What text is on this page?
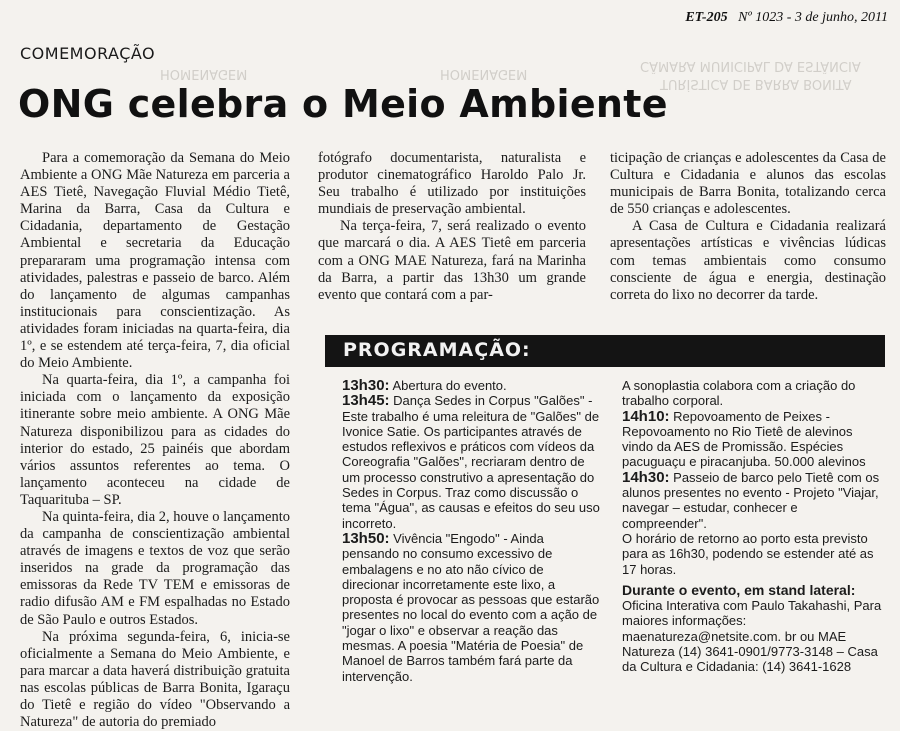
HOMENAGEM	HOMENAGEM
CÂMARA MUNICIPAL DA ESTÂNCIA
TURÍSTICA DE BARRA BONITA
ET-205 Nº 1023 - 3 de junho, 2011
COMEMORAÇÃO
ONG celebra o Meio Ambiente

Para a comemoração da Semana do Meio Ambiente a ONG Mãe Natureza em parceria a AES Tietê, Navegação Fluvial Médio Tietê, Marina da Barra, Casa da Cultura e Cidadania, departamento de Gestação Ambiental e secretaria da Educação prepararam uma programação intensa com atividades, palestras e passeio de barco. Além do lançamento de algumas campanhas institucionais para conscientização. As atividades foram iniciadas na quarta-feira, dia 1º, e se estendem até terça-feira, 7, dia oficial do Meio Ambiente.

Na quarta-feira, dia 1º, a campanha foi iniciada com o lançamento da exposição itinerante sobre meio ambiente. A ONG Mãe Natureza disponibilizou para as cidades do interior do estado, 25 painéis que abordam vários assuntos referentes ao tema. O lançamento aconteceu na cidade de Taquarituba – SP.

Na quinta-feira, dia 2, houve o lançamento da campanha de conscientização ambiental através de imagens e textos de voz que serão inseridos na grade da programação das emissoras da Rede TV TEM e emissoras de radio difusão AM e FM espalhadas no Estado de São Paulo e outros Estados.

Na próxima segunda-feira, 6, inicia-se oficialmente a Semana do Meio Ambiente, e para marcar a data haverá distribuição gratuita nas escolas públicas de Barra Bonita, Igaraçu do Tietê e região do vídeo "Observando a Natureza" de autoria do premiado

fotógrafo documentarista, naturalista e produtor cinematográfico Haroldo Palo Jr. Seu trabalho é utilizado por instituições mundiais de preservação ambiental.

Na terça-feira, 7, será realizado o evento que marcará o dia. A AES Tietê em parceria com a ONG MAE Natureza, fará na Marinha da Barra, a partir das 13h30 um grande evento que contará com a par-

ticipação de crianças e adolescentes da Casa de Cultura e Cidadania e alunos das escolas municipais de Barra Bonita, totalizando cerca de 550 crianças e adolescentes.

A Casa de Cultura e Cidadania realizará apresentações artísticas e vivências lúdicas com temas ambientais como consumo consciente de água e energia, destinação correta do lixo no decorrer da tarde.

PROGRAMAÇÃO:

13h30: Abertura do evento.

13h45: Dança Sedes in Corpus "Galões" - Este trabalho é uma releitura de "Galões" de Ivonice Satie. Os participantes através de estudos reflexivos e práticos com vídeos da Coreografia "Galões", recriaram dentro de um processo construtivo a apresentação do Sedes in Corpus. Traz como discussão o tema "Água", as causas e efeitos do seu uso incorreto.

13h50: Vivência "Engodo" - Ainda pensando no consumo excessivo de embalagens e no ato não cívico de direcionar incorretamente este lixo, a proposta é provocar as pessoas que estarão presentes no local do evento com a ação de "jogar o lixo" e observar a reação das mesmas. A poesia "Matéria de Poesia" de Manoel de Barros também fará parte da intervenção.

A sonoplastia colabora com a criação do trabalho corporal.

14h10: Repovoamento de Peixes - Repovoamento no Rio Tietê de alevinos vindo da AES de Promissão. Espécies pacuguaçu e piracanjuba. 50.000 alevinos

14h30: Passeio de barco pelo Tietê com os alunos presentes no evento - Projeto "Viajar, navegar – estudar, conhecer e compreender".

O horário de retorno ao porto esta previsto para as 16h30, podendo se estender até as 17 horas.

Durante o evento, em stand lateral:

Oficina Interativa com Paulo Takahashi, Para maiores informações: maenatureza@netsite.com. br ou MAE Natureza (14) 3641-0901/9773-3148 – Casa da Cultura e Cidadania: (14) 3641-1628
